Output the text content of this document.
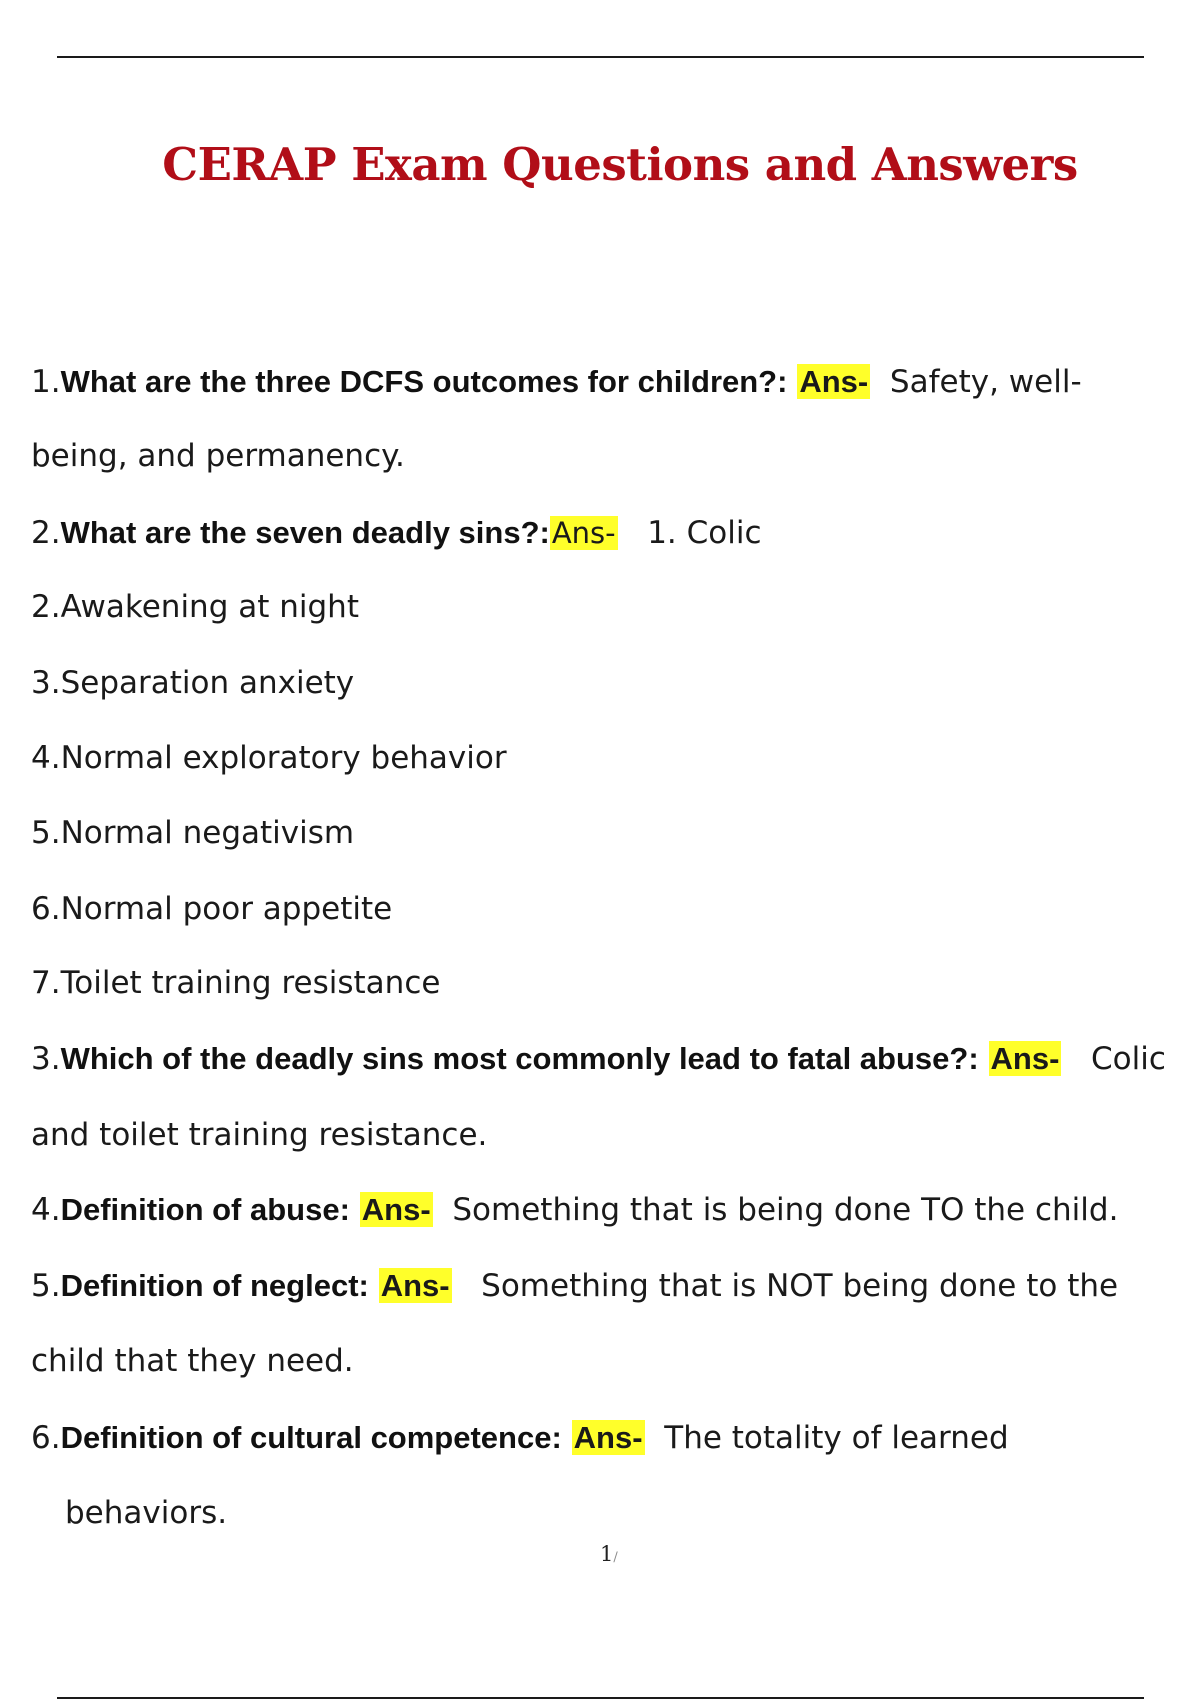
CERAP Exam Questions and Answers
1.What are the three DCFS outcomes for children?: Ans- Safety, well-
being, and permanency.
2.What are the seven deadly sins?:Ans- 1. Colic
2.Awakening at night
3.Separation anxiety
4.Normal exploratory behavior
5.Normal negativism
6.Normal poor appetite
7.Toilet training resistance
3.Which of the deadly sins most commonly lead to fatal abuse?: Ans- Colic
and toilet training resistance.
4.Definition of abuse: Ans- Something that is being done TO the child.
5.Definition of neglect: Ans- Something that is NOT being done to the
child that they need.
6.Definition of cultural competence: Ans- The totality of learned
behaviors.
1/
